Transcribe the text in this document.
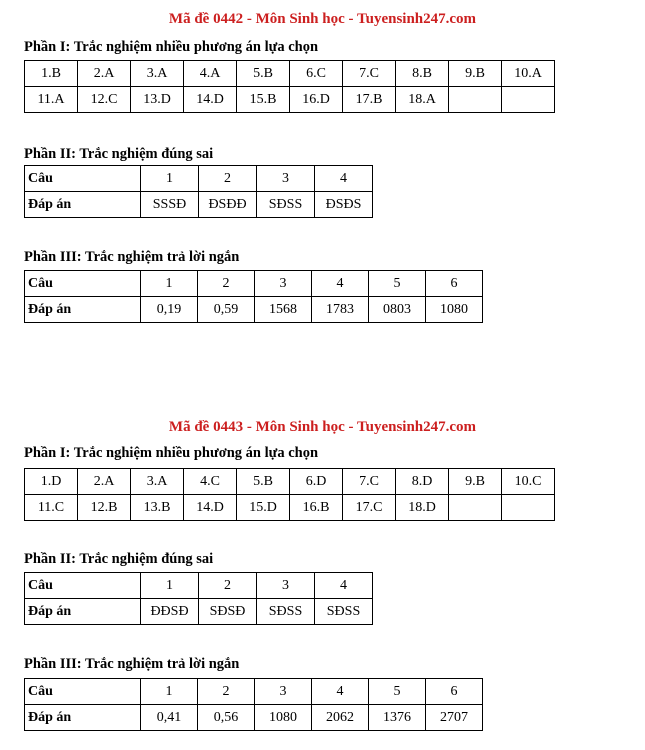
Mã đề 0442 - Môn Sinh học - Tuyensinh247.com
Phần I: Trắc nghiệm nhiều phương án lựa chọn
1.B	2.A	3.A	4.A	5.B	6.C	7.C	8.B	9.B	10.A
11.A	12.C	13.D	14.D	15.B	16.D	17.B	18.A		
Phần II: Trắc nghiệm đúng sai
Câu	1	2	3	4
Đáp án	SSSĐ	ĐSĐĐ	SĐSS	ĐSĐS
Phần III: Trắc nghiệm trả lời ngắn
Câu	1	2	3	4	5	6
Đáp án	0,19	0,59	1568	1783	0803	1080
Mã đề 0443 - Môn Sinh học - Tuyensinh247.com
Phần I: Trắc nghiệm nhiều phương án lựa chọn
1.D	2.A	3.A	4.C	5.B	6.D	7.C	8.D	9.B	10.C
11.C	12.B	13.B	14.D	15.D	16.B	17.C	18.D		
Phần II: Trắc nghiệm đúng sai
Câu	1	2	3	4
Đáp án	ĐĐSĐ	SĐSĐ	SĐSS	SĐSS
Phần III: Trắc nghiệm trả lời ngắn
Câu	1	2	3	4	5	6
Đáp án	0,41	0,56	1080	2062	1376	2707
